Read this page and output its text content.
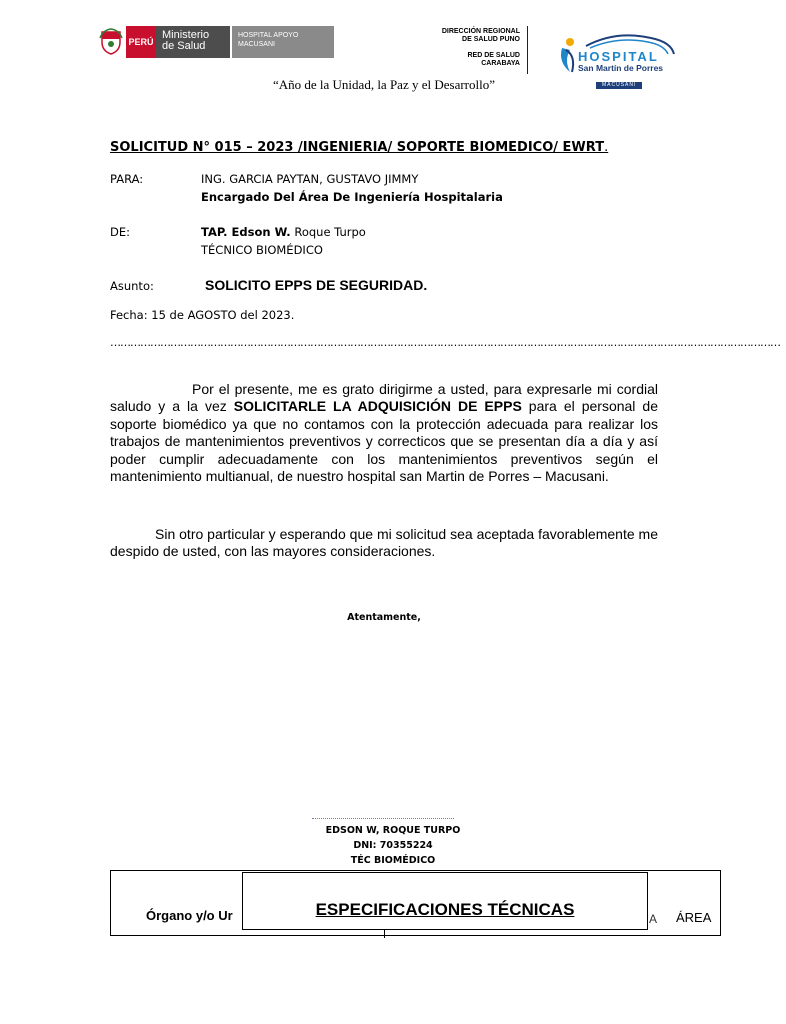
PERÚ
Ministerio
de Salud
HOSPITAL APOYO
MACUSANI
DIRECCIÓN REGIONAL
DE SALUD PUNO
RED DE SALUD
CARABAYA	HOSPITAL
San Martín de Porres
MACUSANI
“Año de la Unidad, la Paz y el Desarrollo”
SOLICITUD N° 015 – 2023 /INGENIERIA/ SOPORTE BIOMEDICO/ EWRT.
PARA:	ING. GARCIA PAYTAN, GUSTAVO JIMMY
Encargado Del Área De Ingeniería Hospitalaria
DE:	TAP. Edson W. Roque Turpo
TÉCNICO BIOMÉDICO
Asunto:	SOLICITO EPPS DE SEGURIDAD.
Fecha: 15 de AGOSTO del 2023.
…………………………………………………………………………………………………………………………………………………………………………………
Por el presente, me es grato dirigirme a usted, para expresarle mi cordial saludo y a la vez SOLICITARLE LA ADQUISICIÓN DE EPPS para el personal de soporte biomédico ya que no contamos con la protección adecuada para realizar los trabajos de mantenimientos preventivos y correcticos que se presentan día a día y así poder cumplir adecuadamente con los mantenimientos preventivos según el mantenimiento multianual, de nuestro hospital san Martin de Porres – Macusani.
Sin otro particular y esperando que mi solicitud sea aceptada favorablemente me despido de usted, con las mayores consideraciones.
Atentamente,
EDSON W, ROQUE TURPO
DNI: 70355224
TÉC BIOMÉDICO
Órgano y/o Ur	A ÁREA
ESPECIFICACIONES TÉCNICAS
